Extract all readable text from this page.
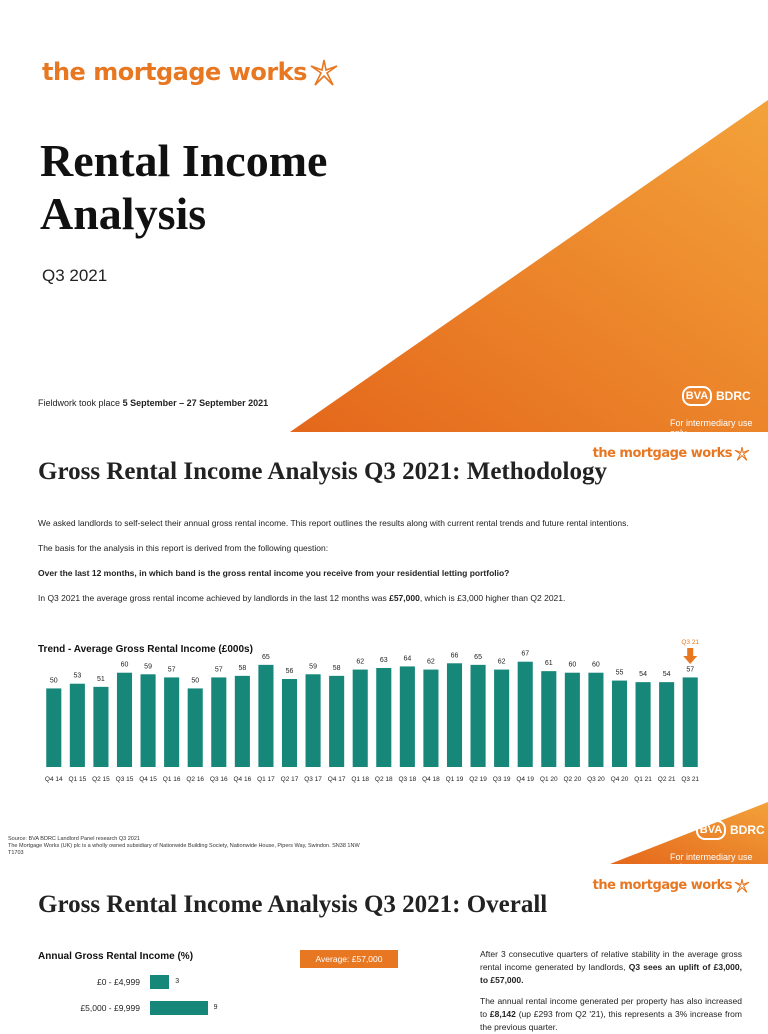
the mortgage works
Rental Income
Analysis
Q3 2021
Fieldwork took place 5 September – 27 September 2021
BVA BDRC
For intermediary use
the mortgage works
Gross Rental Income Analysis Q3 2021: Methodology

We asked landlords to self-select their annual gross rental income. This report outlines the results along with current rental trends and future rental intentions.

The basis for the analysis in this report is derived from the following question:

Over the last 12 months, in which band is the gross rental income you receive from your residential letting portfolio?

In Q3 2021 the average gross rental income achieved by landlords in the last 12 months was £57,000, which is £3,000 higher than Q2 2021.

Trend - Average Gross Rental Income (£000s)
50
Q4 14
53
Q1 15
51
Q2 15
60
Q3 15
59
Q4 15
57
Q1 16
50
Q2 16
57
Q3 16
58
Q4 16
65
Q1 17
56
Q2 17
59
Q3 17
58
Q4 17
62
Q1 18
63
Q2 18
64
Q3 18
62
Q4 18
66
Q1 19
65
Q2 19
62
Q3 19
67
Q4 19
61
Q1 20
60
Q2 20
60
Q3 20
55
Q4 20
54
Q1 21
54
Q2 21
57
Q3 21
Q3 21
Source: BVA BDRC Landlord Panel research Q3 2021
The Mortgage Works (UK) plc is a wholly owned subsidiary of Nationwide Building Society, Nationwide House, Pipers Way, Swindon. SN38 1NW
T1703
BVA BDRC
For intermediary use
the mortgage works
Gross Rental Income Analysis Q3 2021: Overall
Annual Gross Rental Income (%)	Average: £57,000
£0 - £4,999	3
£5,000 - £9,999	9
After 3 consecutive quarters of relative stability in the average gross rental income generated by landlords, Q3 sees an uplift of £3,000, to £57,000.
The annual rental income generated per property has also increased to £8,142 (up £293 from Q2 '21), this represents a 3% increase from the previous quarter.
